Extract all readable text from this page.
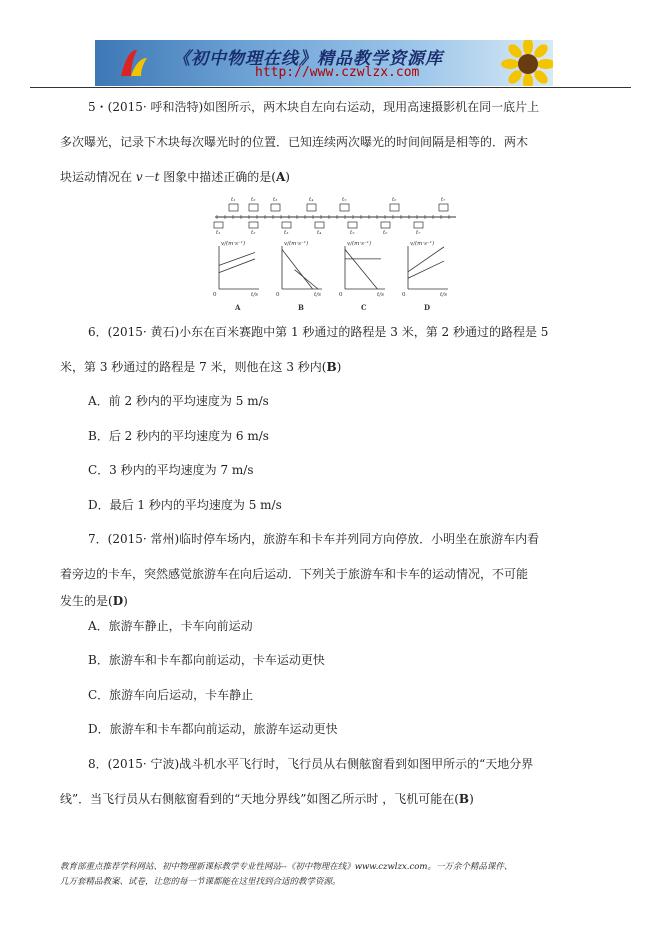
《初中物理在线》精品教学资源库
http://www.czwlzx.com
5・(2015· 呼和浩特)如图所示，两木块自左向右运动，现用高速摄影机在同一底片上
多次曝光，记录下木块每次曝光时的位置．已知连续两次曝光的时间间隔是相等的．两木
块运动情况在 v－t 图象中描述正确的是(A)
t₁	t₂	t₃	t₄	t₅	t₆	t₇
t₁	t₂	t₃	t₄	t₅	t₆	t₇
v/(m·s⁻¹)
t/s
0
A
v/(m·s⁻¹)
t/s
0
B
v/(m·s⁻¹)
t/s
0
C
v/(m·s⁻¹)
t/s
0
D
6．(2015· 黄石)小东在百米赛跑中第 1 秒通过的路程是 3 米，第 2 秒通过的路程是 5
米，第 3 秒通过的路程是 7 米，则他在这 3 秒内(B)
A．前 2 秒内的平均速度为 5 m/s
B．后 2 秒内的平均速度为 6 m/s
C．3 秒内的平均速度为 7 m/s
D．最后 1 秒内的平均速度为 5 m/s
7．(2015· 常州)临时停车场内，旅游车和卡车并列同方向停放．小明坐在旅游车内看
着旁边的卡车，突然感觉旅游车在向后运动．下列关于旅游车和卡车的运动情况，不可能
发生的是(D)
A．旅游车静止，卡车向前运动
B．旅游车和卡车都向前运动，卡车运动更快
C．旅游车向后运动，卡车静止
D．旅游车和卡车都向前运动，旅游车运动更快
8．(2015· 宁波)战斗机水平飞行时，飞行员从右侧舷窗看到如图甲所示的“天地分界
线”．当飞行员从右侧舷窗看到的“天地分界线”如图乙所示时 ，飞机可能在(B)
教育部重点推荐学科网站、初中物理新课标教学专业性网站--《初中物理在线》www.czwlzx.com。一万余个精品课件、
几万套精品教案、试卷，让您的每一节课都能在这里找到合适的教学资源。
